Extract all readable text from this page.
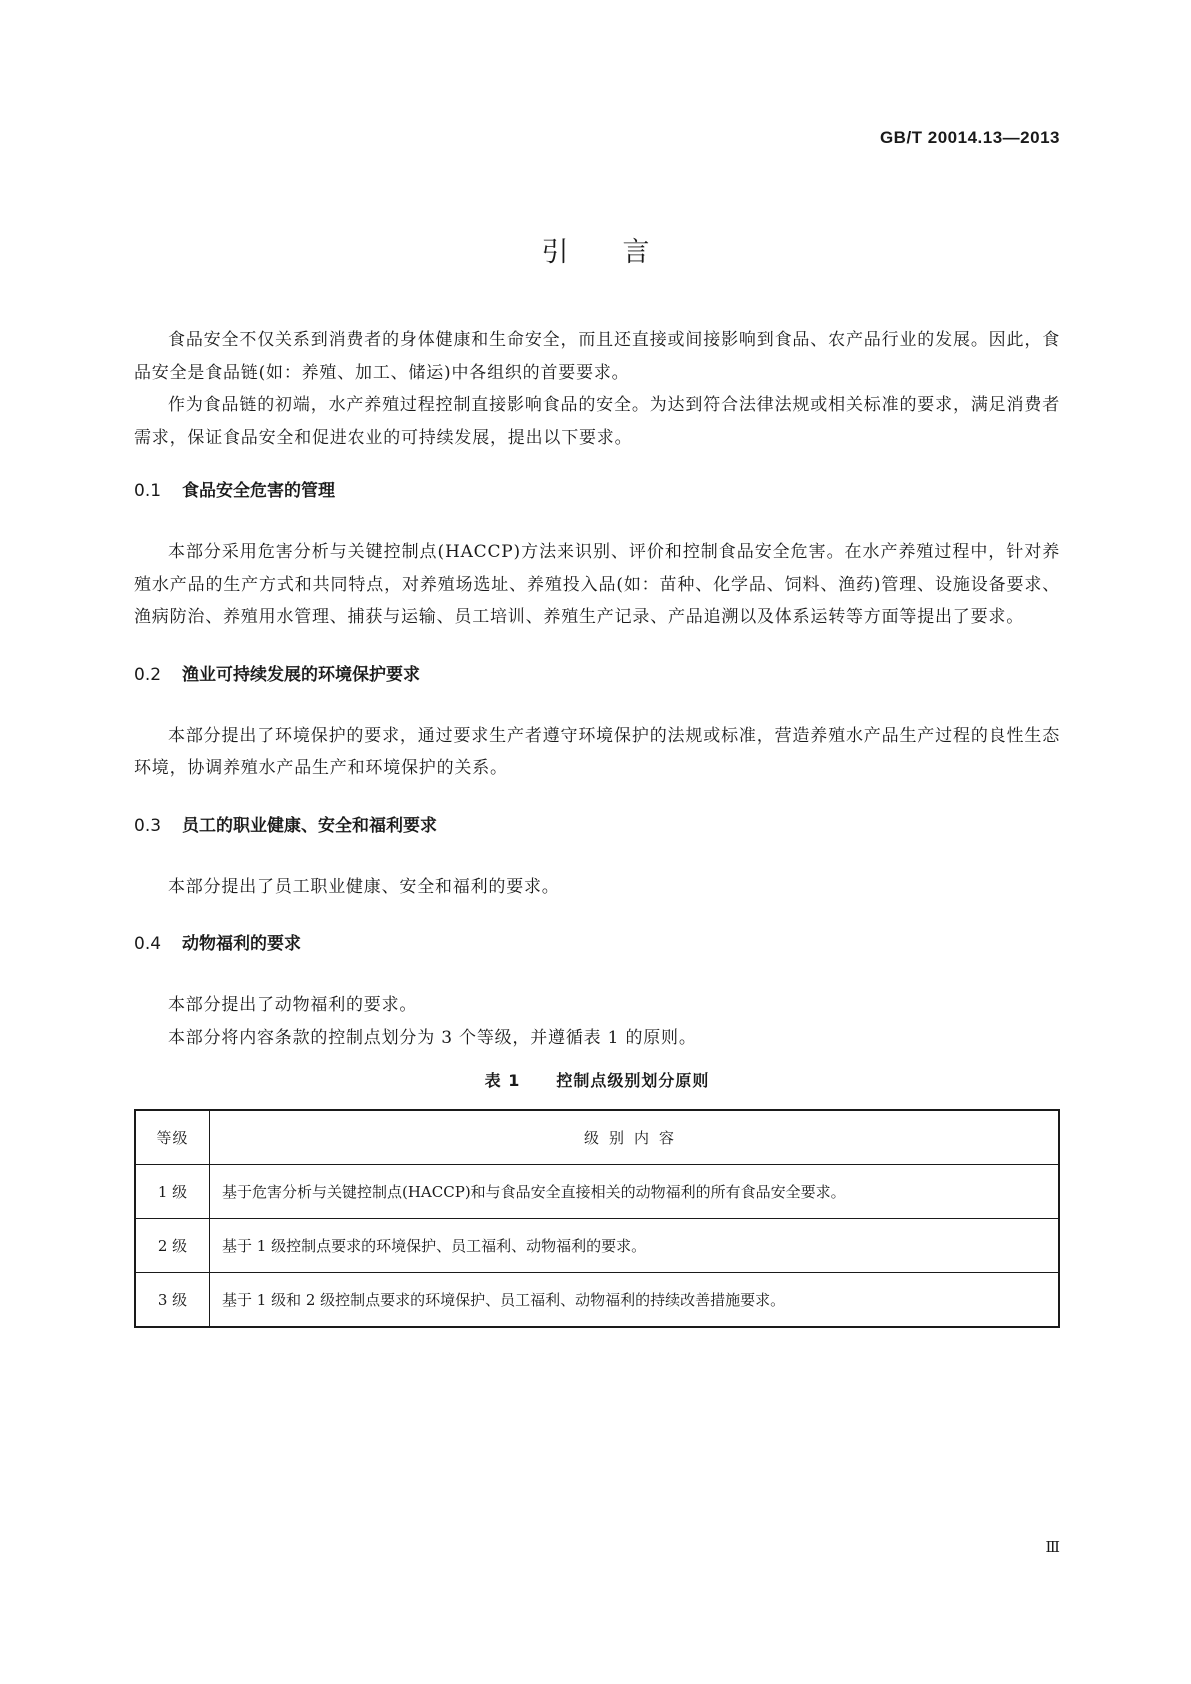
GB/T 20014.13—2013
引言

食品安全不仅关系到消费者的身体健康和生命安全，而且还直接或间接影响到食品、农产品行业的发展。因此，食品安全是食品链(如：养殖、加工、储运)中各组织的首要要求。

作为食品链的初端，水产养殖过程控制直接影响食品的安全。为达到符合法律法规或相关标准的要求，满足消费者需求，保证食品安全和促进农业的可持续发展，提出以下要求。

0.1 食品安全危害的管理

本部分采用危害分析与关键控制点(HACCP)方法来识别、评价和控制食品安全危害。在水产养殖过程中，针对养殖水产品的生产方式和共同特点，对养殖场选址、养殖投入品(如：苗种、化学品、饲料、渔药)管理、设施设备要求、渔病防治、养殖用水管理、捕获与运输、员工培训、养殖生产记录、产品追溯以及体系运转等方面等提出了要求。

0.2 渔业可持续发展的环境保护要求

本部分提出了环境保护的要求，通过要求生产者遵守环境保护的法规或标准，营造养殖水产品生产过程的良性生态环境，协调养殖水产品生产和环境保护的关系。

0.3 员工的职业健康、安全和福利要求

本部分提出了员工职业健康、安全和福利的要求。

0.4 动物福利的要求

本部分提出了动物福利的要求。

本部分将内容条款的控制点划分为 3 个等级，并遵循表 1 的原则。

表 1 控制点级别划分原则
等级	级别内容
1 级	基于危害分析与关键控制点(HACCP)和与食品安全直接相关的动物福利的所有食品安全要求。
2 级	基于 1 级控制点要求的环境保护、员工福利、动物福利的要求。
3 级	基于 1 级和 2 级控制点要求的环境保护、员工福利、动物福利的持续改善措施要求。
Ⅲ
